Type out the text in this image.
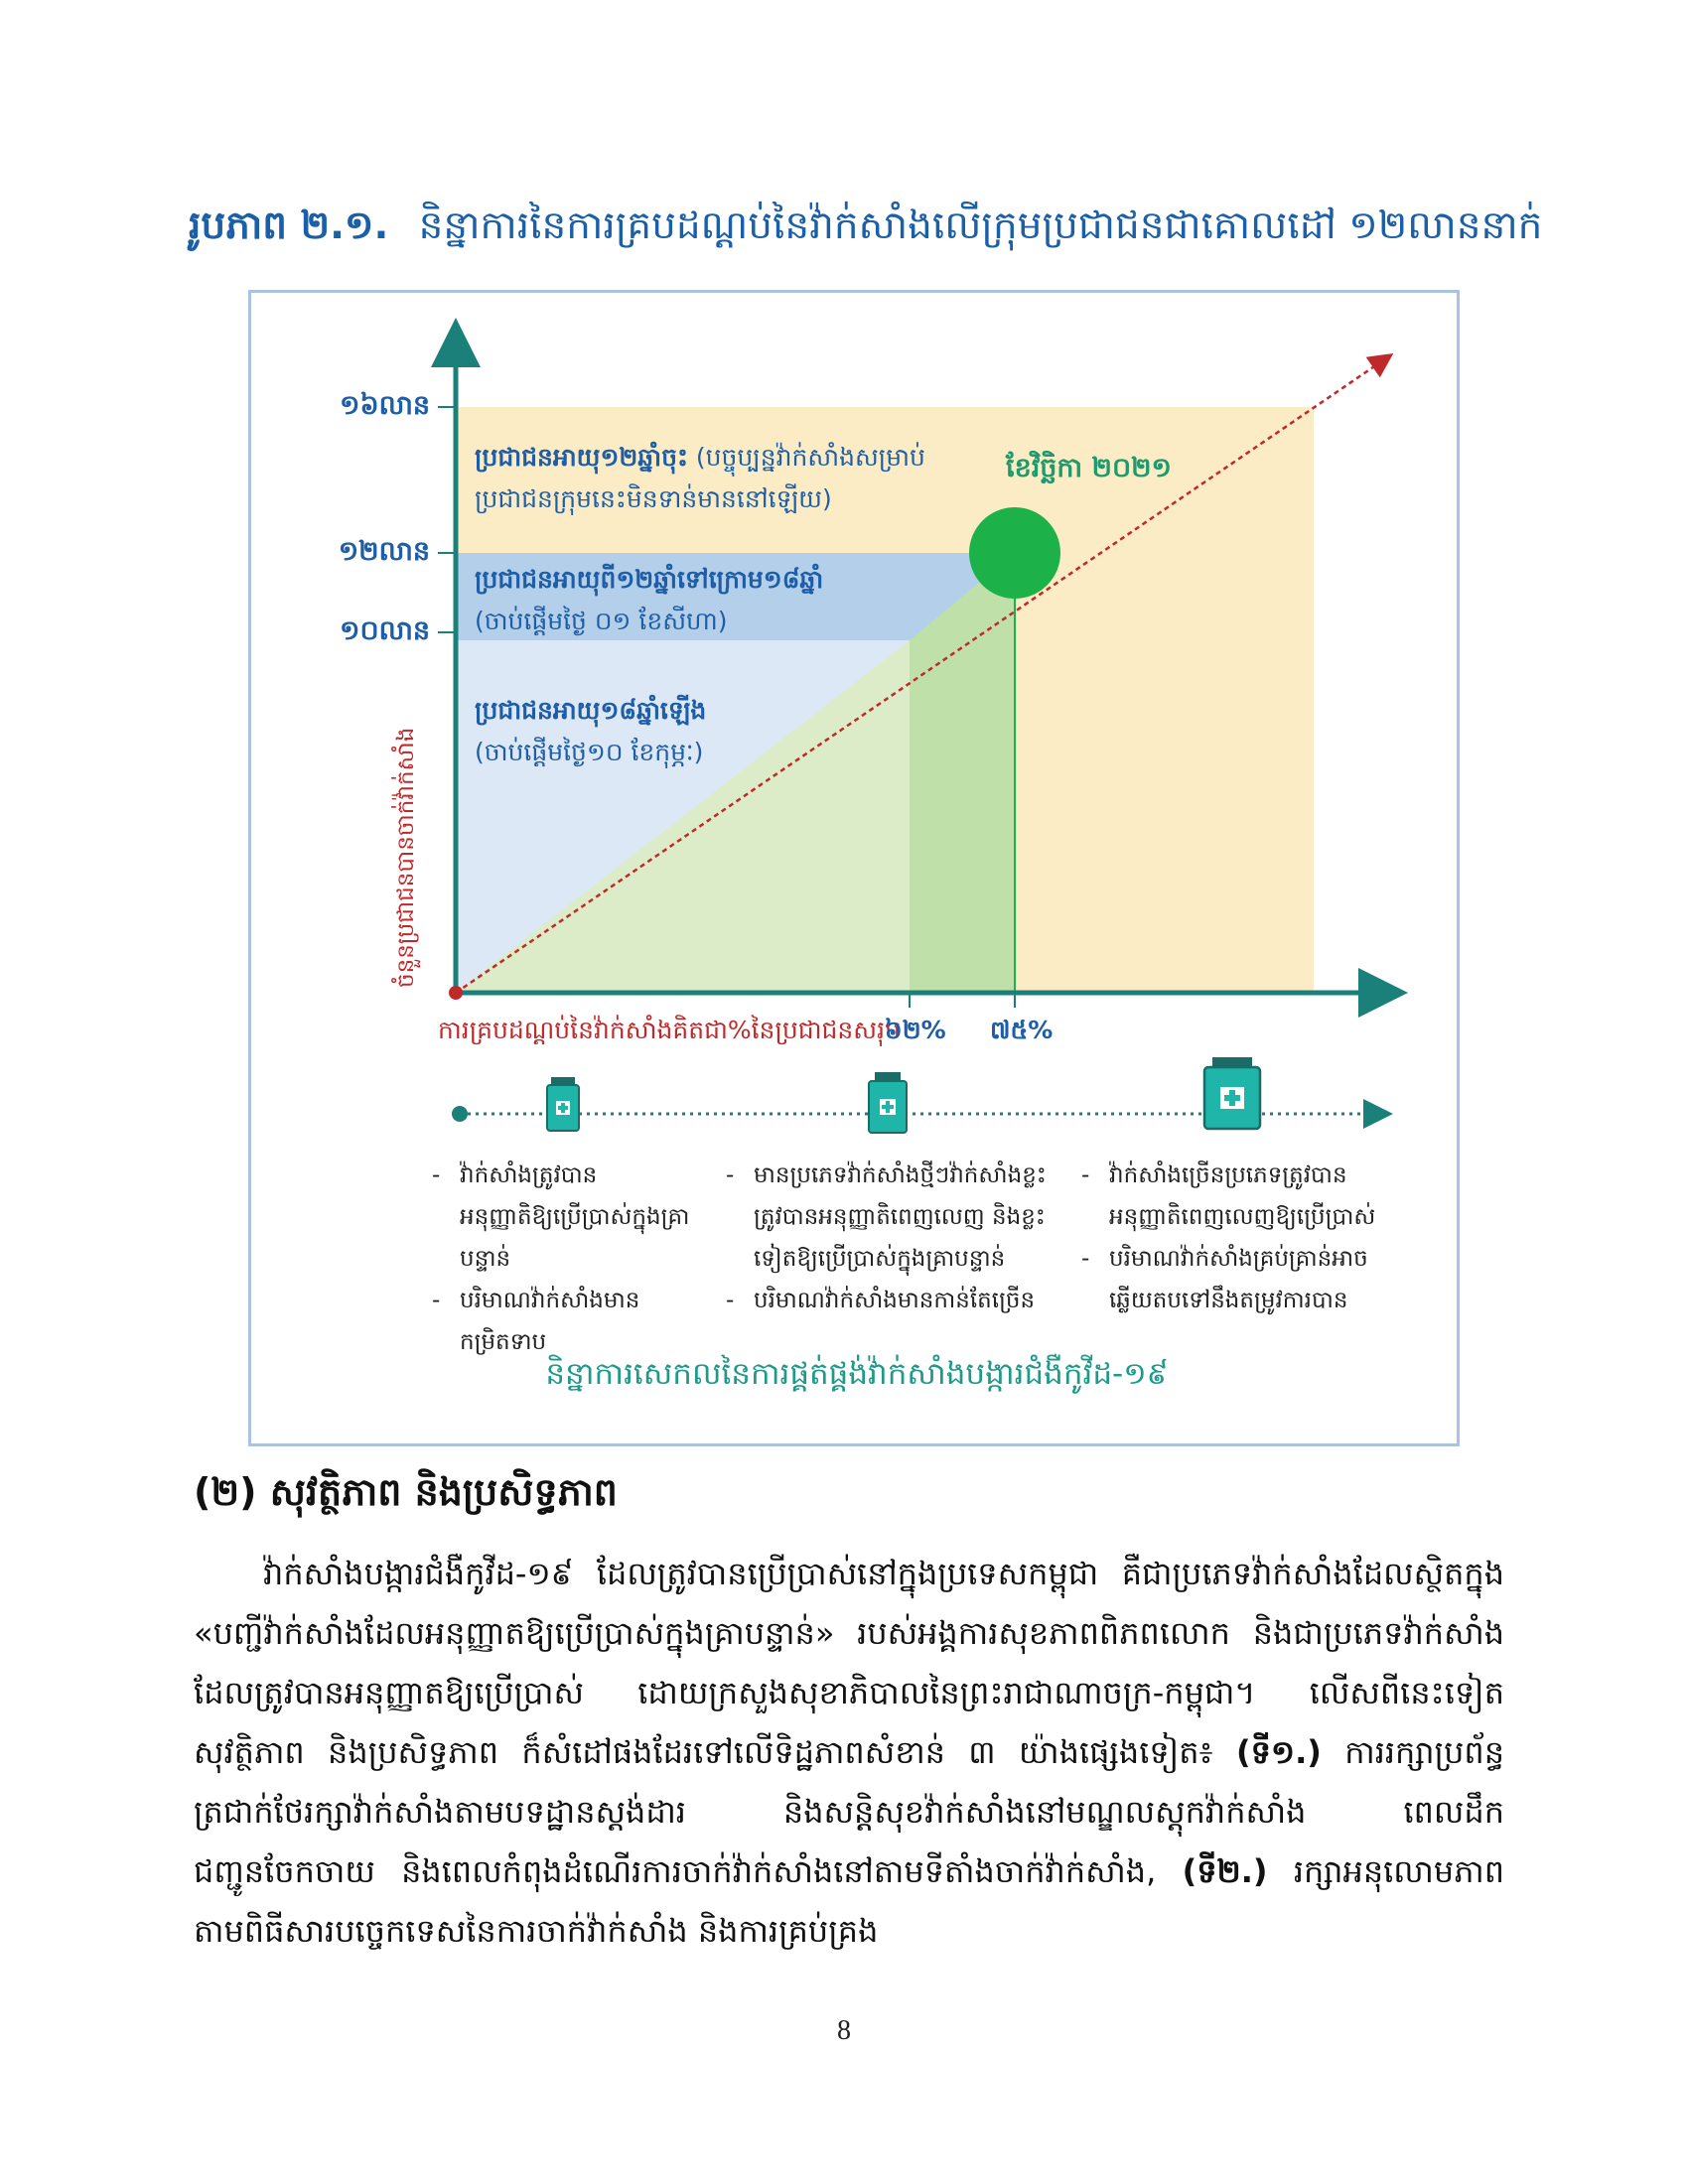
រូបភាព ២.១. និន្នាការនៃការគ្របដណ្តប់នៃវ៉ាក់សាំងលើក្រុមប្រជាជនជាគោលដៅ ១២លាននាក់
១៦លាន
១២លាន
១០លាន
ប្រជាជនអាយុ១២ឆ្នាំចុះ (បច្ចុប្បន្នវ៉ាក់សាំងសម្រាប់
ប្រជាជនក្រុមនេះមិនទាន់មាននៅឡើយ)
ប្រជាជនអាយុពី១២ឆ្នាំទៅក្រោម១៨ឆ្នាំ
(ចាប់ផ្តើមថ្ងៃ ០១ ខែសីហា)
ប្រជាជនអាយុ១៨ឆ្នាំឡើង
(ចាប់ផ្តើមថ្ងៃ១០ ខែកុម្ភៈ)
ខែវិច្ឆិកា ២០២១
ចំនួនប្រជាជនបានចាក់វ៉ាក់សាំង
ការគ្របដណ្តប់នៃវ៉ាក់សាំងគិតជា%នៃប្រជាជនសរុប
៦២% ៧៥%
- វ៉ាក់សាំងត្រូវបានអនុញ្ញាតិឱ្យប្រើប្រាស់ក្នុងគ្រាបន្ទាន់
- បរិមាណវ៉ាក់សាំងមានកម្រិតទាប
- មានប្រភេទវ៉ាក់សាំងថ្មីៗវ៉ាក់សាំងខ្លះត្រូវបានអនុញ្ញាតិពេញលេញ និងខ្លះទៀតឱ្យប្រើប្រាស់ក្នុងគ្រាបន្ទាន់
- បរិមាណវ៉ាក់សាំងមានកាន់តែច្រើន
- វ៉ាក់សាំងច្រើនប្រភេទត្រូវបានអនុញ្ញាតិពេញលេញឱ្យប្រើប្រាស់
- បរិមាណវ៉ាក់សាំងគ្រប់គ្រាន់អាចឆ្លើយតបទៅនឹងតម្រូវការបាន
និន្នាការសេកលនៃការផ្គត់ផ្គង់វ៉ាក់សាំងបង្ការជំងឺកូវីដ-១៩
(២) សុវត្ថិភាព និងប្រសិទ្ធភាព
វ៉ាក់សាំងបង្ការជំងឺកូវីដ-១៩ ដែលត្រូវបានប្រើប្រាស់នៅក្នុងប្រទេសកម្ពុជា គឺជាប្រភេទវ៉ាក់សាំងដែលស្ថិតក្នុង «បញ្ជីវ៉ាក់សាំងដែលអនុញ្ញាតឱ្យប្រើប្រាស់ក្នុងគ្រាបន្ទាន់» របស់អង្គការសុខភាពពិភពលោក និងជាប្រភេទវ៉ាក់សាំងដែលត្រូវបានអនុញ្ញាតឱ្យប្រើប្រាស់ ដោយក្រសួងសុខាភិបាលនៃព្រះរាជាណាចក្រ-កម្ពុជា។ លើសពីនេះទៀត សុវត្ថិភាព និងប្រសិទ្ធភាព ក៏សំដៅផងដែរទៅលើទិដ្ឋភាពសំខាន់ ៣ យ៉ាងផ្សេងទៀត៖ (ទី១.) ការរក្សាប្រព័ន្ធត្រជាក់ថែរក្សាវ៉ាក់សាំងតាមបទដ្ឋានស្តង់ដារ និងសន្តិសុខវ៉ាក់សាំងនៅមណ្ឌលស្តុកវ៉ាក់សាំង ពេលដឹកជញ្ជូនចែកចាយ និងពេលកំពុងដំណើរការចាក់វ៉ាក់សាំងនៅតាមទីតាំងចាក់វ៉ាក់សាំង, (ទី២.) រក្សាអនុលោមភាព តាមពិធីសារបច្ចេកទេសនៃការចាក់វ៉ាក់សាំង និងការគ្រប់គ្រង
8
